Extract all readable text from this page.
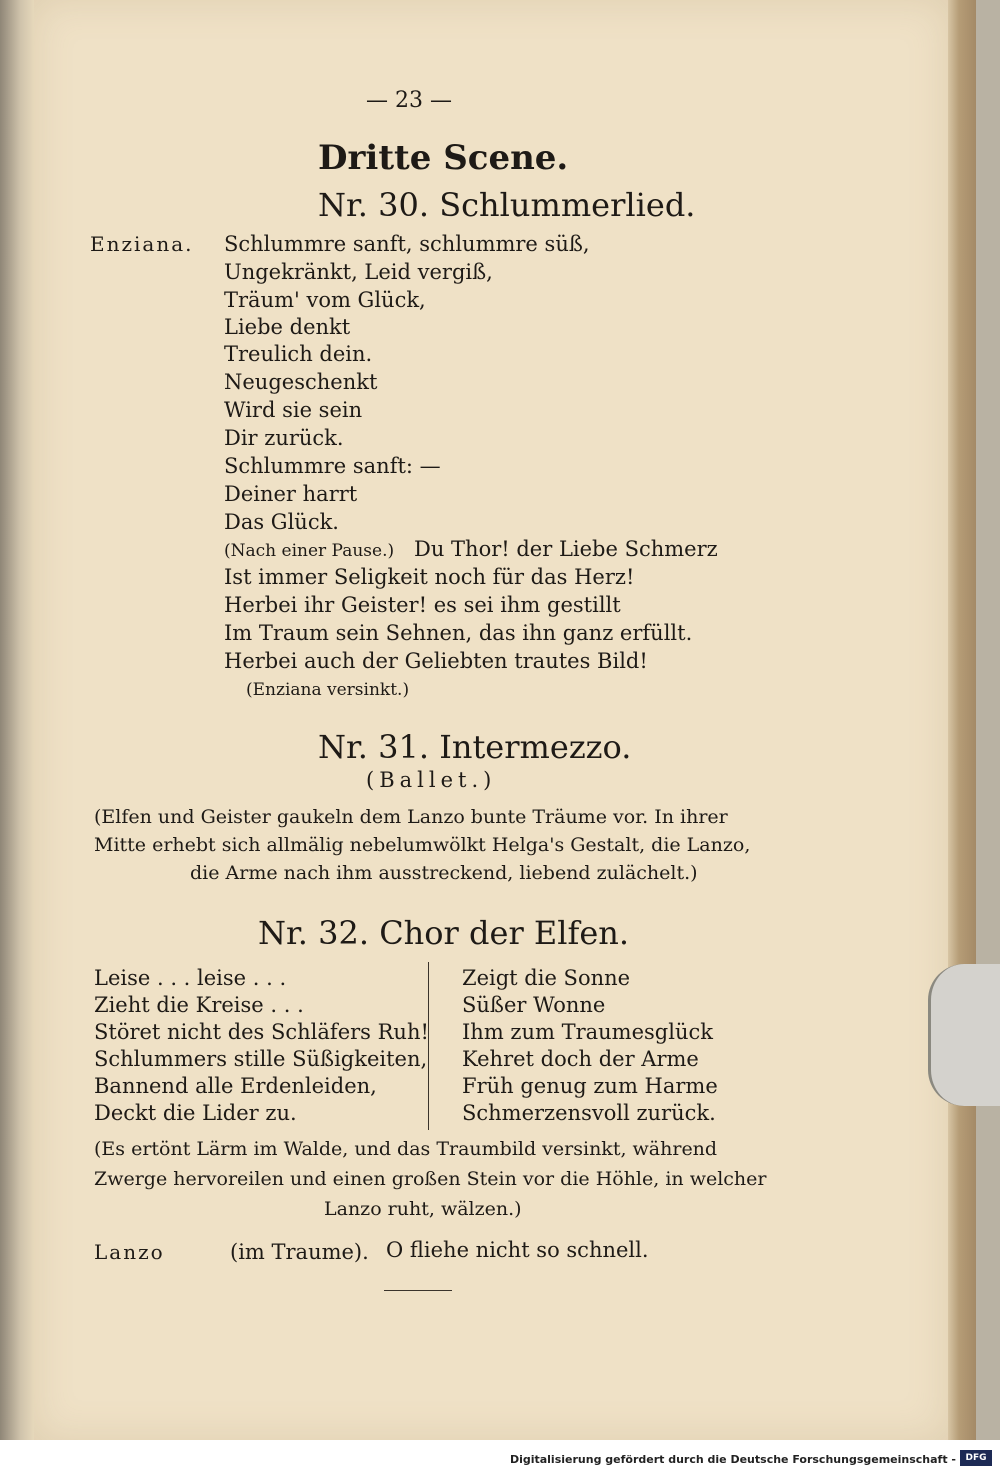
— 23 —
Dritte Scene.
Nr. 30. Schlummerlied.
Enziana. Schlummre sanft, schlummre süß,
Ungekränkt, Leid vergiß,
Träum' vom Glück,
Liebe denkt
Treulich dein.
Neugeschenkt
Wird sie sein
Dir zurück.
Schlummre sanft: —
Deiner harrt
Das Glück.
(Nach einer Pause.) Du Thor! der Liebe Schmerz
Ist immer Seligkeit noch für das Herz!
Herbei ihr Geister! es sei ihm gestillt
Im Traum sein Sehnen, das ihn ganz erfüllt.
Herbei auch der Geliebten trautes Bild!
(Enziana versinkt.)
Nr. 31. Intermezzo.
(Ballet.)
(Elfen und Geister gaukeln dem Lanzo bunte Träume vor. In ihrer
Mitte erhebt sich allmälig nebelumwölkt Helga's Gestalt, die Lanzo,
die Arme nach ihm ausstreckend, liebend zulächelt.)
Nr. 32. Chor der Elfen.
Leise . . . leise . . .
Zieht die Kreise . . .
Störet nicht des Schläfers Ruh!
Schlummers stille Süßigkeiten,
Bannend alle Erdenleiden,
Deckt die Lider zu.
Zeigt die Sonne
Süßer Wonne
Ihm zum Traumesglück
Kehret doch der Arme
Früh genug zum Harme
Schmerzensvoll zurück.
(Es ertönt Lärm im Walde, und das Traumbild versinkt, während
Zwerge hervoreilen und einen großen Stein vor die Höhle, in welcher
Lanzo ruht, wälzen.)
Lanzo	(im Traume). O fliehe nicht so schnell.
Digitalisierung gefördert durch die Deutsche Forschungsgemeinschaft -	DFG
